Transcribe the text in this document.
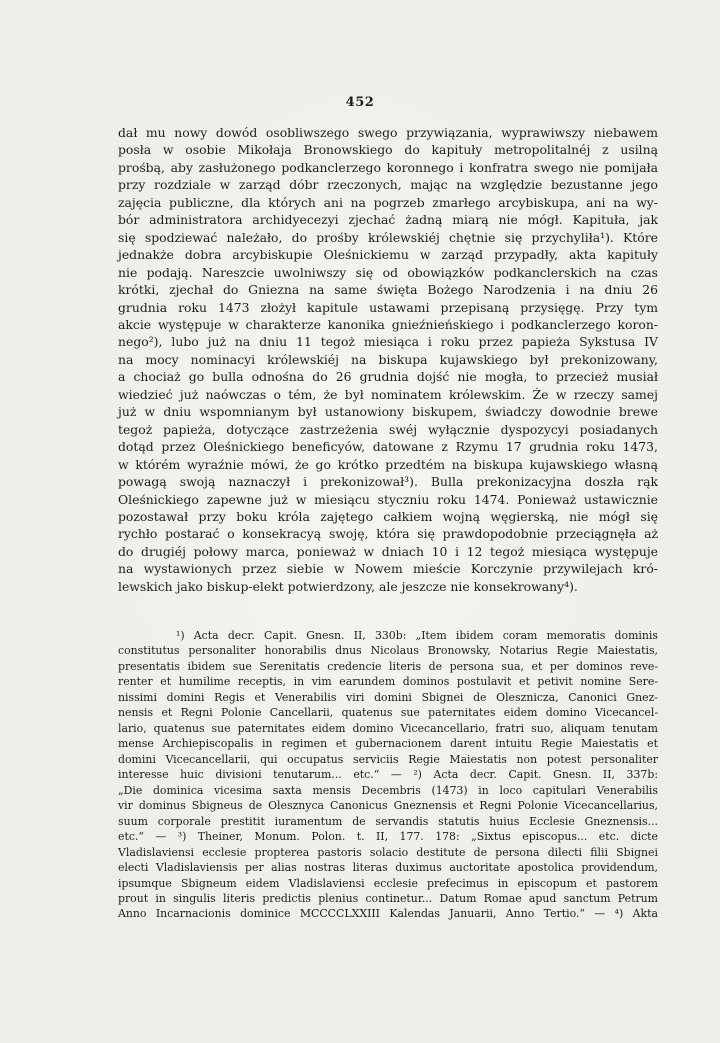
452
dał mu nowy dowód osobliwszego swego przywiązania, wyprawiwszy niebawem
posła w osobie Mikołaja Bronowskiego do kapituły metropolitalnéj z usilną
prośbą, aby zasłużonego podkanclerzego koronnego i konfratra swego nie pomijała
przy rozdziale w zarząd dóbr rzeczonych, mając na względzie bezustanne jego
zajęcia publiczne, dla których ani na pogrzeb zmarłego arcybiskupa, ani na wy-
bór administratora archidyecezyi zjechać żadną miarą nie mógł. Kapituła, jak
się spodziewać należało, do prośby królewskiéj chętnie się przychyliła¹). Które
jednakże dobra arcybiskupie Oleśnickiemu w zarząd przypadły, akta kapituły
nie podają. Nareszcie uwolniwszy się od obowiązków podkanclerskich na czas
krótki, zjechał do Gniezna na same święta Bożego Narodzenia i na dniu 26
grudnia roku 1473 złożył kapitule ustawami przepisaną przysięgę. Przy tym
akcie występuje w charakterze kanonika gnieźnieńskiego i podkanclerzego koron-
nego²), lubo już na dniu 11 tegoż miesiąca i roku przez papieża Sykstusa IV
na mocy nominacyi królewskiéj na biskupa kujawskiego był prekonizowany,
a chociaż go bulla odnośna do 26 grudnia dojść nie mogła, to przecież musiał
wiedzieć już naówczas o tém, że był nominatem królewskim. Że w rzeczy samej
już w dniu wspomnianym był ustanowiony biskupem, świadczy dowodnie brewe
tegoż papieża, dotyczące zastrzeżenia swéj wyłącznie dyspozycyi posiadanych
dotąd przez Oleśnickiego beneficyów, datowane z Rzymu 17 grudnia roku 1473,
w którém wyraźnie mówi, że go krótko przedtém na biskupa kujawskiego własną
powagą swoją naznaczył i prekonizował³). Bulla prekonizacyjna doszła rąk
Oleśnickiego zapewne już w miesiącu styczniu roku 1474. Ponieważ ustawicznie
pozostawał przy boku króla zajętego całkiem wojną węgierską, nie mógł się
rychło postarać o konsekracyą swoję, która się prawdopodobnie przeciągnęła aż
do drugiéj połowy marca, ponieważ w dniach 10 i 12 tegoż miesiąca występuje
na wystawionych przez siebie w Nowem mieście Korczynie przywilejach kró-
lewskich jako biskup-elekt potwierdzony, ale jeszcze nie konsekrowany⁴).
¹) Acta decr. Capit. Gnesn. II, 330b: „Item ibidem coram memoratis dominis
constitutus personaliter honorabilis dnus Nicolaus Bronowsky, Notarius Regie Maiestatis,
presentatis ibidem sue Serenitatis credencie literis de persona sua, et per dominos reve-
renter et humilime receptis, in vim earundem dominos postulavit et petivit nomine Sere-
nissimi domini Regis et Venerabilis viri domini Sbignei de Olesznicza, Canonici Gnez-
nensis et Regni Polonie Cancellarii, quatenus sue paternitates eidem domino Vicecancel-
lario, quatenus sue paternitates eidem domino Vicecancellario, fratri suo, aliquam tenutam
mense Archiepiscopalis in regimen et gubernacionem darent intuitu Regie Maiestatis et
domini Vicecancellarii, qui occupatus serviciis Regie Maiestatis non potest personaliter
interesse huic divisioni tenutarum... etc.“ — ²) Acta decr. Capit. Gnesn. II, 337b:
„Die dominica vicesima saxta mensis Decembris (1473) in loco capitulari Venerabilis
vir dominus Sbigneus de Olesznyca Canonicus Gneznensis et Regni Polonie Vicecancellarius,
suum corporale prestitit iuramentum de servandis statutis huius Ecclesie Gneznensis...
etc.“ — ³) Theiner, Monum. Polon. t. II, 177. 178: „Sixtus episcopus... etc. dicte
Vladislaviensi ecclesie propterea pastoris solacio destitute de persona dilecti filii Sbignei
electi Vladislaviensis per alias nostras literas duximus auctoritate apostolica providendum,
ipsumque Sbigneum eidem Vladislaviensi ecclesie prefecimus in episcopum et pastorem
prout in singulis literis predictis plenius continetur... Datum Romae apud sanctum Petrum
Anno Incarnacionis dominice MCCCCLXXIII Kalendas Januarii, Anno Tertio.“ — ⁴) Akta
